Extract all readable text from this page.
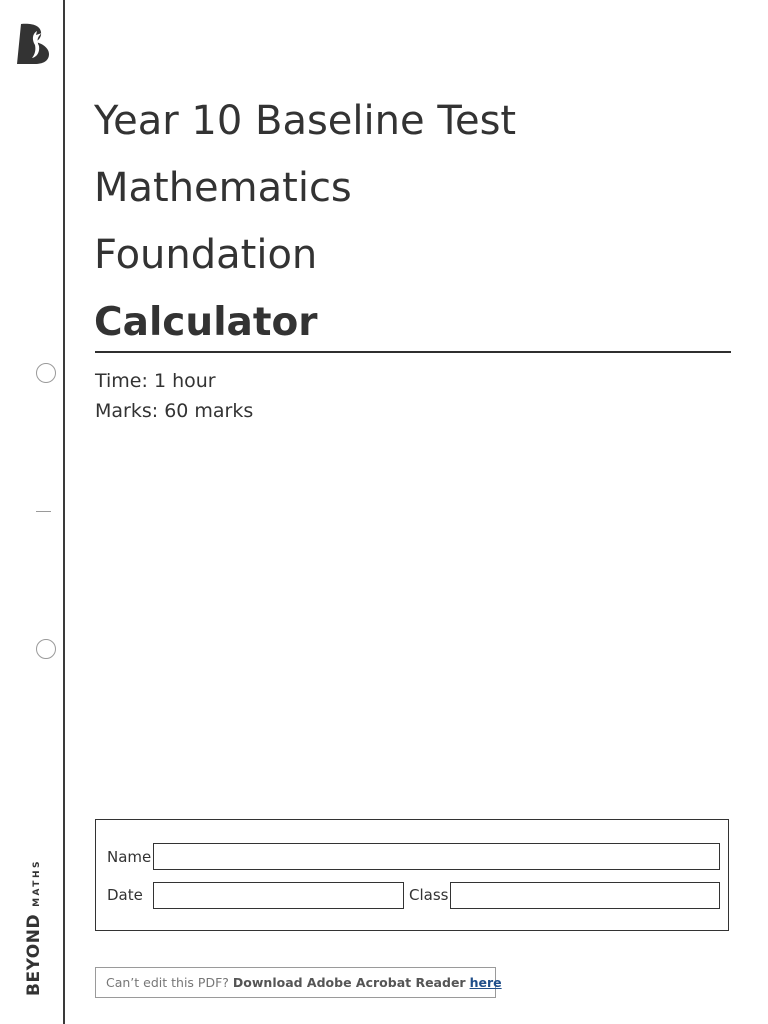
BEYOND
MATHS
Year 10 Baseline Test
Mathematics
Foundation
Calculator
Time: 1 hour
Marks: 60 marks
Name
Date	Class
Can’t edit this PDF? Download Adobe Acrobat Reader here
